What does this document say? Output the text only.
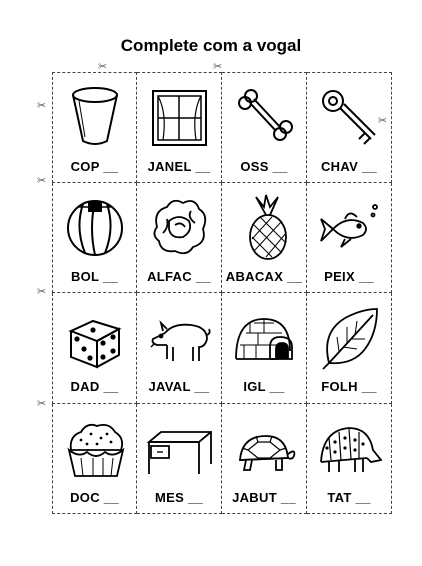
Complete com a vogal
COP __	JANEL __	OSS __	CHAV __
BOL __	ALFAC __	ABACAX __	PEIX __
DAD __	JAVAL __	IGL __	FOLH __
DOC __	MES __	JABUT __	TAT __
✂	✂
✂
✂
✂
✂
✂
